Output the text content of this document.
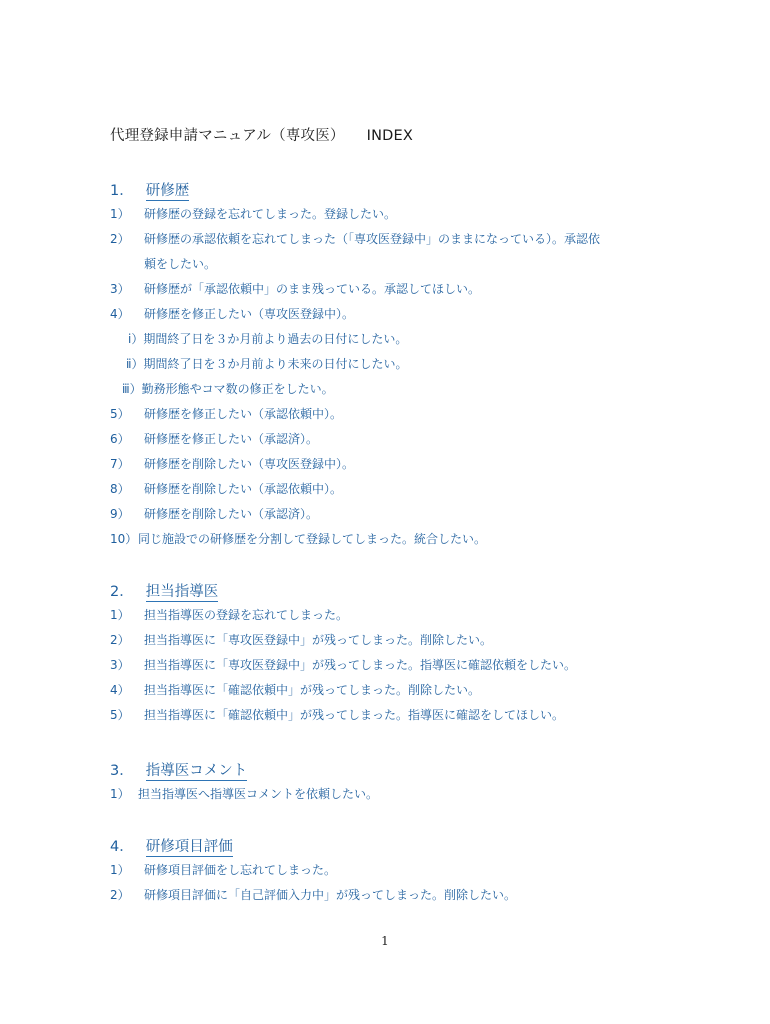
代理登録申請マニュアル（専攻医） INDEX
1． 研修歴
1） 研修歴の登録を忘れてしまった。登録したい。
2） 研修歴の承認依頼を忘れてしまった（「専攻医登録中」のままになっている）。承認依
頼をしたい。
3） 研修歴が「承認依頼中」のまま残っている。承認してほしい。
4） 研修歴を修正したい（専攻医登録中）。
ⅰ）期間終了日を３か月前より過去の日付にしたい。
ⅱ）期間終了日を３か月前より未来の日付にしたい。
ⅲ）勤務形態やコマ数の修正をしたい。
5） 研修歴を修正したい（承認依頼中）。
6） 研修歴を修正したい（承認済）。
7） 研修歴を削除したい（専攻医登録中）。
8） 研修歴を削除したい（承認依頼中）。
9） 研修歴を削除したい（承認済）。
10）同じ施設での研修歴を分割して登録してしまった。統合したい。
2． 担当指導医
1） 担当指導医の登録を忘れてしまった。
2） 担当指導医に「専攻医登録中」が残ってしまった。削除したい。
3） 担当指導医に「専攻医登録中」が残ってしまった。指導医に確認依頼をしたい。
4） 担当指導医に「確認依頼中」が残ってしまった。削除したい。
5） 担当指導医に「確認依頼中」が残ってしまった。指導医に確認をしてほしい。
3． 指導医コメント
1） 担当指導医へ指導医コメントを依頼したい。
4． 研修項目評価
1） 研修項目評価をし忘れてしまった。
2） 研修項目評価に「自己評価入力中」が残ってしまった。削除したい。
1
